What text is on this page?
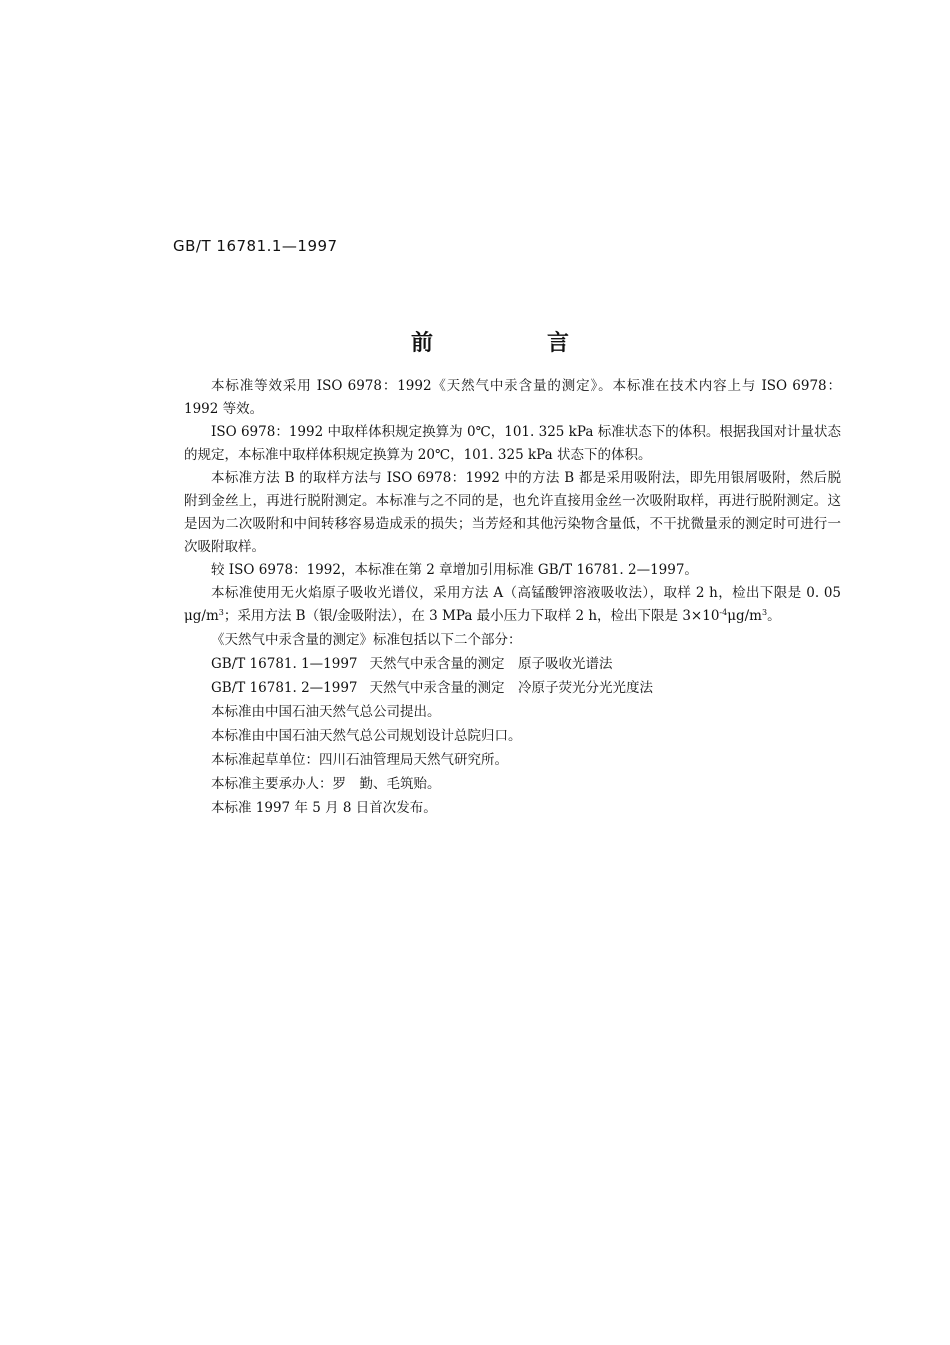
GB/T 16781.1—1997
前　言

本标准等效采用 ISO 6978：1992《天然气中汞含量的测定》。本标准在技术内容上与 ISO 6978：1992 等效。

ISO 6978：1992 中取样体积规定换算为 0℃，101. 325 kPa 标准状态下的体积。根据我国对计量状态的规定，本标准中取样体积规定换算为 20℃，101. 325 kPa 状态下的体积。

本标准方法 B 的取样方法与 ISO 6978：1992 中的方法 B 都是采用吸附法，即先用银屑吸附，然后脱附到金丝上，再进行脱附测定。本标准与之不同的是，也允许直接用金丝一次吸附取样，再进行脱附测定。这是因为二次吸附和中间转移容易造成汞的损失；当芳烃和其他污染物含量低，不干扰微量汞的测定时可进行一次吸附取样。

较 ISO 6978：1992，本标准在第 2 章增加引用标准 GB/T 16781. 2—1997。

本标准使用无火焰原子吸收光谱仪，采用方法 A（高锰酸钾溶液吸收法），取样 2 h，检出下限是 0. 05 $\mu g/m^3$；采用方法 B（银/金吸附法），在 3 MPa 最小压力下取样 2 h，检出下限是 $3\times 10^{-4}\mu g/m^3$。

《天然气中汞含量的测定》标准包括以下二个部分：

GB/T 16781. 1—1997 天然气中汞含量的测定　原子吸收光谱法

GB/T 16781. 2—1997 天然气中汞含量的测定　冷原子荧光分光光度法

本标准由中国石油天然气总公司提出。

本标准由中国石油天然气总公司规划设计总院归口。

本标准起草单位：四川石油管理局天然气研究所。

本标准主要承办人：罗　勤、毛筑贻。

本标准 1997 年 5 月 8 日首次发布。
